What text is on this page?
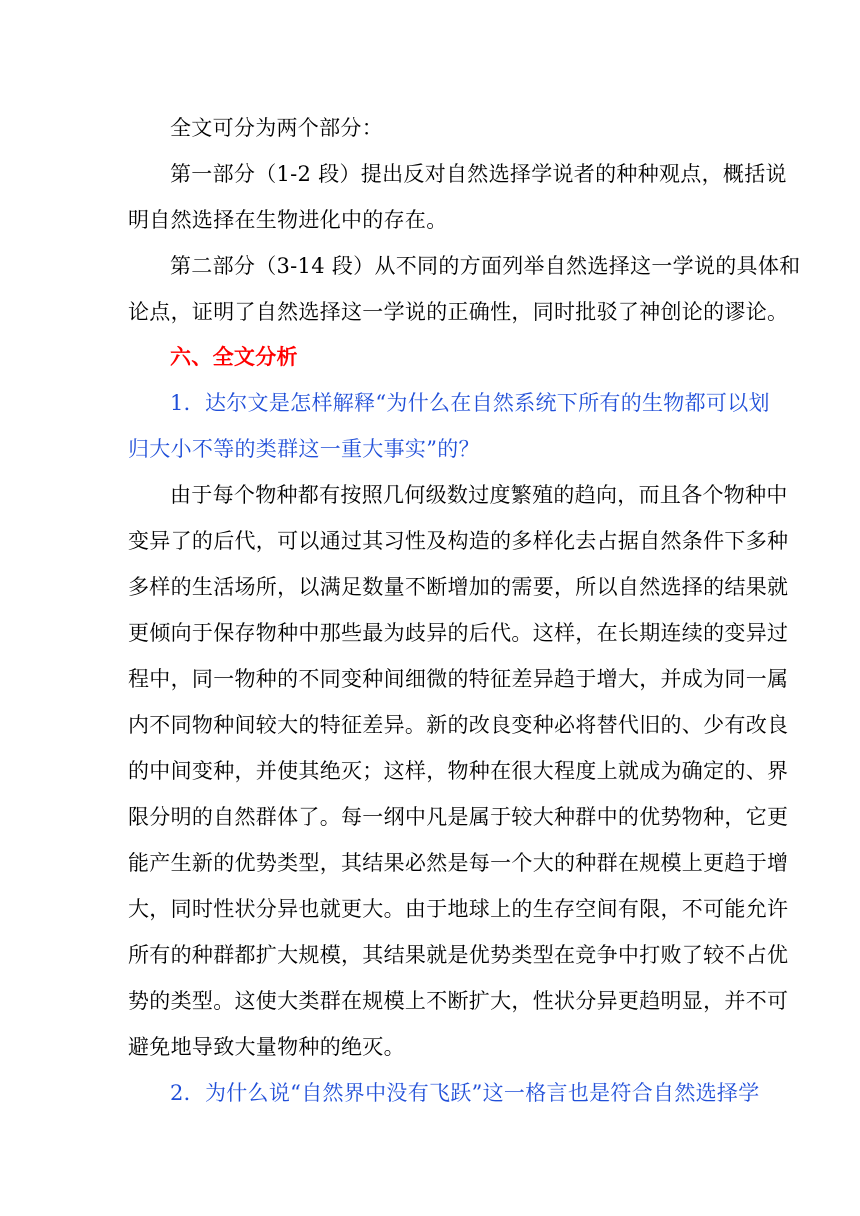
全文可分为两个部分：
第一部分（1-2 段）提出反对自然选择学说者的种种观点，概括说
明自然选择在生物进化中的存在。
第二部分（3-14 段）从不同的方面列举自然选择这一学说的具体和
论点，证明了自然选择这一学说的正确性，同时批驳了神创论的谬论。
六、全文分析
1．达尔文是怎样解释“为什么在自然系统下所有的生物都可以划
归大小不等的类群这一重大事实”的？
由于每个物种都有按照几何级数过度繁殖的趋向，而且各个物种中
变异了的后代，可以通过其习性及构造的多样化去占据自然条件下多种
多样的生活场所，以满足数量不断增加的需要，所以自然选择的结果就
更倾向于保存物种中那些最为歧异的后代。这样，在长期连续的变异过
程中，同一物种的不同变种间细微的特征差异趋于增大，并成为同一属
内不同物种间较大的特征差异。新的改良变种必将替代旧的、少有改良
的中间变种，并使其绝灭；这样，物种在很大程度上就成为确定的、界
限分明的自然群体了。每一纲中凡是属于较大种群中的优势物种，它更
能产生新的优势类型，其结果必然是每一个大的种群在规模上更趋于增
大，同时性状分异也就更大。由于地球上的生存空间有限，不可能允许
所有的种群都扩大规模，其结果就是优势类型在竞争中打败了较不占优
势的类型。这使大类群在规模上不断扩大，性状分异更趋明显，并不可
避免地导致大量物种的绝灭。
2．为什么说“自然界中没有飞跃”这一格言也是符合自然选择学
